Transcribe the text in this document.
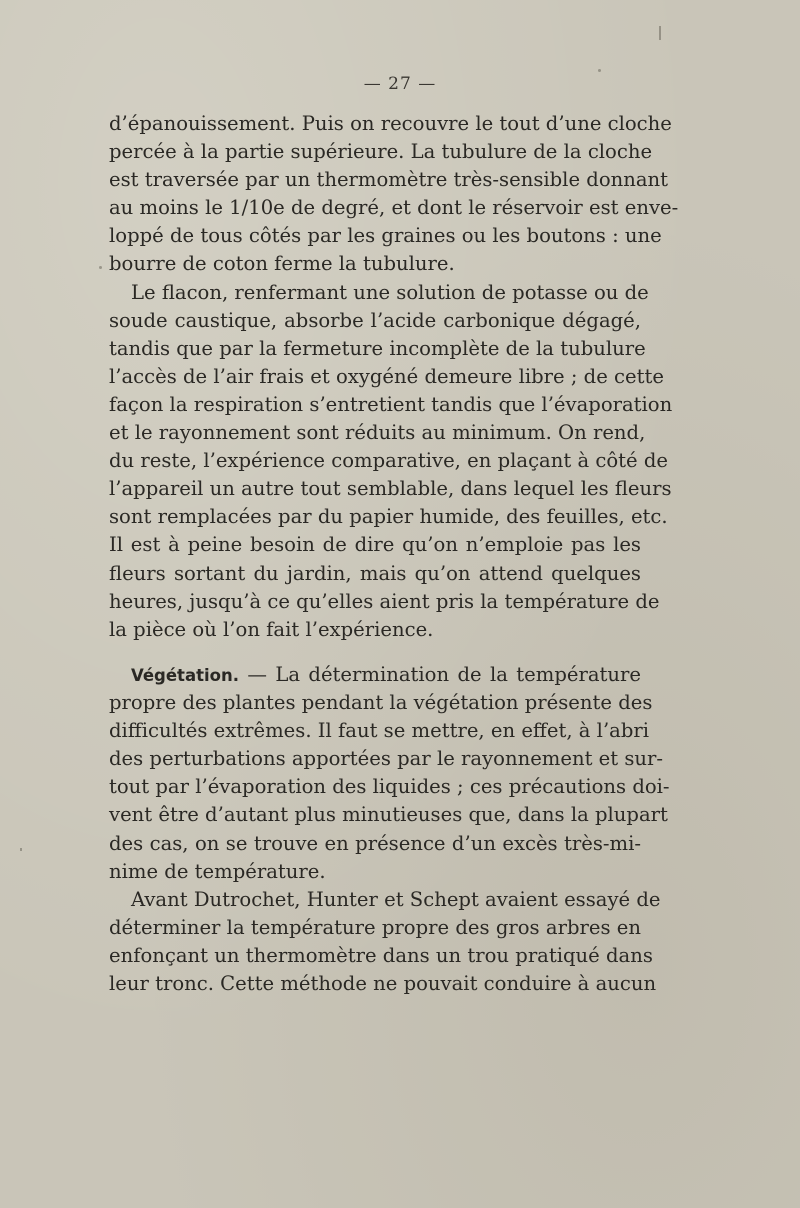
— 27 —
d’épanouissement. Puis on recouvre le tout d’une cloche
percée à la partie supérieure. La tubulure de la cloche
est traversée par un thermomètre très-sensible donnant
au moins le 1/10e de degré, et dont le réservoir est enve-
loppé de tous côtés par les graines ou les boutons : une
bourre de coton ferme la tubulure.
Le flacon, renfermant une solution de potasse ou de
soude caustique, absorbe l’acide carbonique dégagé,
tandis que par la fermeture incomplète de la tubulure
l’accès de l’air frais et oxygéné demeure libre ; de cette
façon la respiration s’entretient tandis que l’évaporation
et le rayonnement sont réduits au minimum. On rend,
du reste, l’expérience comparative, en plaçant à côté de
l’appareil un autre tout semblable, dans lequel les fleurs
sont remplacées par du papier humide, des feuilles, etc.
Il est à peine besoin de dire qu’on n’emploie pas les
fleurs sortant du jardin, mais qu’on attend quelques
heures, jusqu’à ce qu’elles aient pris la température de
la pièce où l’on fait l’expérience.
Végétation. — La détermination de la température
propre des plantes pendant la végétation présente des
difficultés extrêmes. Il faut se mettre, en effet, à l’abri
des perturbations apportées par le rayonnement et sur-
tout par l’évaporation des liquides ; ces précautions doi-
vent être d’autant plus minutieuses que, dans la plupart
des cas, on se trouve en présence d’un excès très-mi-
nime de température.
Avant Dutrochet, Hunter et Schept avaient essayé de
déterminer la température propre des gros arbres en
enfonçant un thermomètre dans un trou pratiqué dans
leur tronc. Cette méthode ne pouvait conduire à aucun
